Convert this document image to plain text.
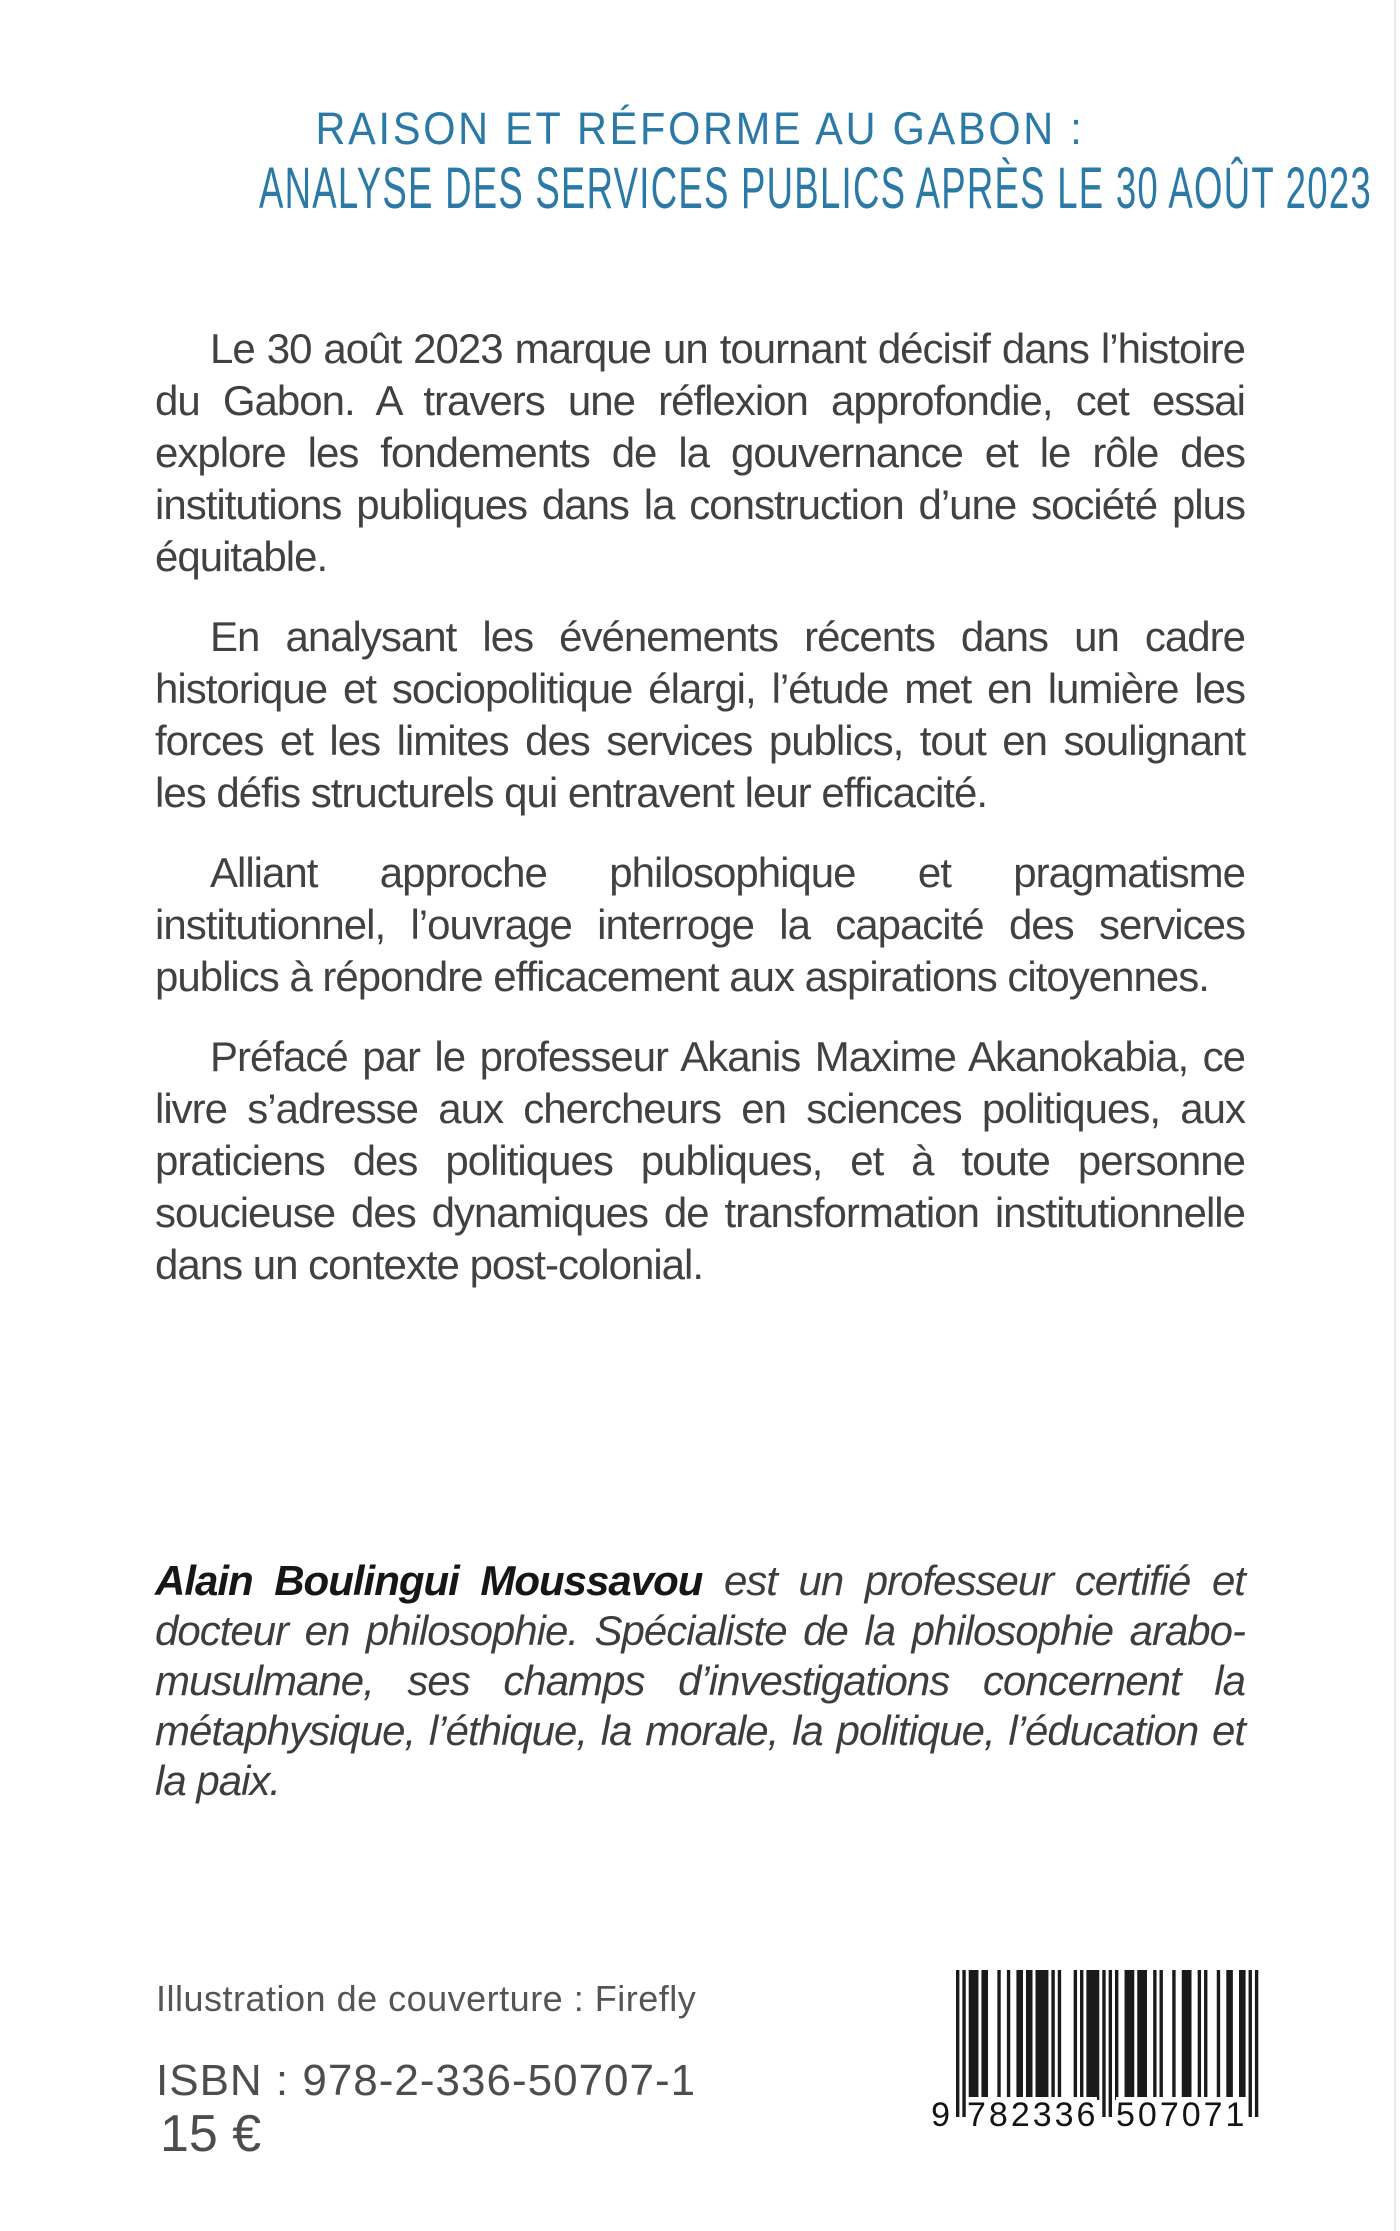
RAISON ET RÉFORME AU GABON :
ANALYSE DES SERVICES PUBLICS APRÈS LE 30 AOÛT 2023

Le 30 août 2023 marque un tournant décisif dans l’histoire du Gabon. A travers une réflexion approfondie, cet essai explore les fondements de la gouvernance et le rôle des institutions publiques dans la construction d’une société plus équitable.

En analysant les événements récents dans un cadre historique et sociopolitique élargi, l’étude met en lumière les forces et les limites des services publics, tout en soulignant les défis structurels qui entravent leur efficacité.

Alliant approche philosophique et pragmatisme institutionnel, l’ouvrage interroge la capacité des services publics à répondre efficacement aux aspirations citoyennes.

Préfacé par le professeur Akanis Maxime Akanokabia, ce livre s’adresse aux chercheurs en sciences politiques, aux praticiens des politiques publiques, et à toute personne soucieuse des dynamiques de transformation institutionnelle dans un contexte post-colonial.

Alain Boulingui Moussavou est un professeur certifié et docteur en philosophie. Spécialiste de la philosophie arabo-musulmane, ses champs d’investigations concernent la métaphysique, l’éthique, la morale, la politique, l’éducation et la paix.

Illustration de couverture : Firefly
ISBN : 978-2-336-50707-1
15 €	9 782336 507071
